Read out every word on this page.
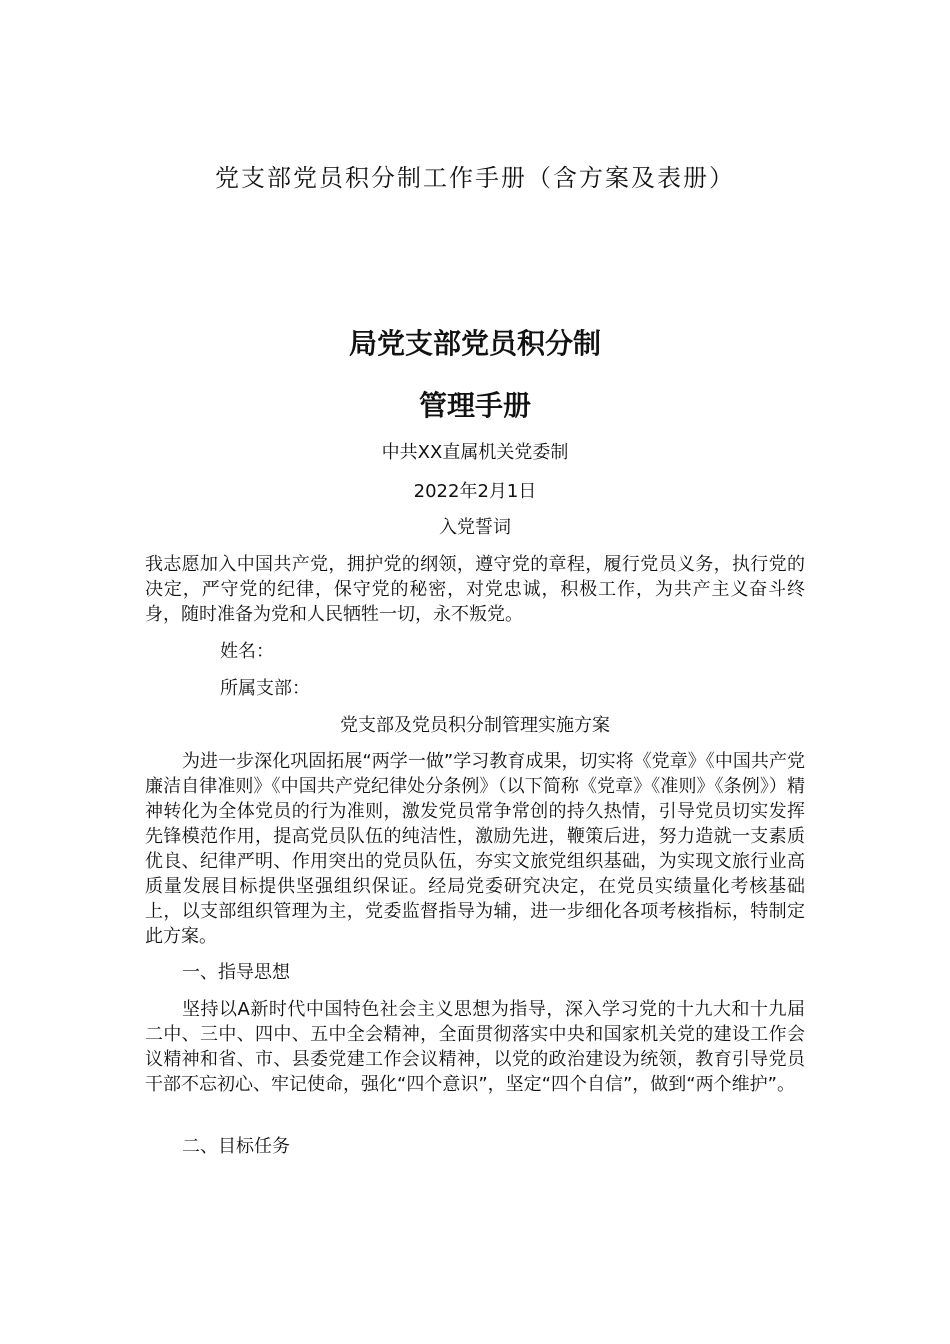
党支部党员积分制工作手册（含方案及表册）
局党支部党员积分制
管理手册

中共XX直属机关党委制

2022年2月1日

入党誓词

我志愿加入中国共产党，拥护党的纲领，遵守党的章程，履行党员义务，执行党的决定，严守党的纪律，保守党的秘密，对党忠诚，积极工作，为共产主义奋斗终身，随时准备为党和人民牺牲一切，永不叛党。

姓名：

所属支部：

党支部及党员积分制管理实施方案

为进一步深化巩固拓展“两学一做”学习教育成果，切实将《党章》《中国共产党廉洁自律准则》《中国共产党纪律处分条例》（以下简称《党章》《准则》《条例》）精神转化为全体党员的行为准则，激发党员常争常创的持久热情，引导党员切实发挥先锋模范作用，提高党员队伍的纯洁性，激励先进，鞭策后进，努力造就一支素质优良、纪律严明、作用突出的党员队伍，夯实文旅党组织基础，为实现文旅行业高质量发展目标提供坚强组织保证。经局党委研究决定，在党员实绩量化考核基础上，以支部组织管理为主，党委监督指导为辅，进一步细化各项考核指标，特制定此方案。

一、指导思想

坚持以A新时代中国特色社会主义思想为指导，深入学习党的十九大和十九届二中、三中、四中、五中全会精神，全面贯彻落实中央和国家机关党的建设工作会议精神和省、市、县委党建工作会议精神，以党的政治建设为统领，教育引导党员干部不忘初心、牢记使命，强化“四个意识”，坚定“四个自信”，做到“两个维护”。

二、目标任务
